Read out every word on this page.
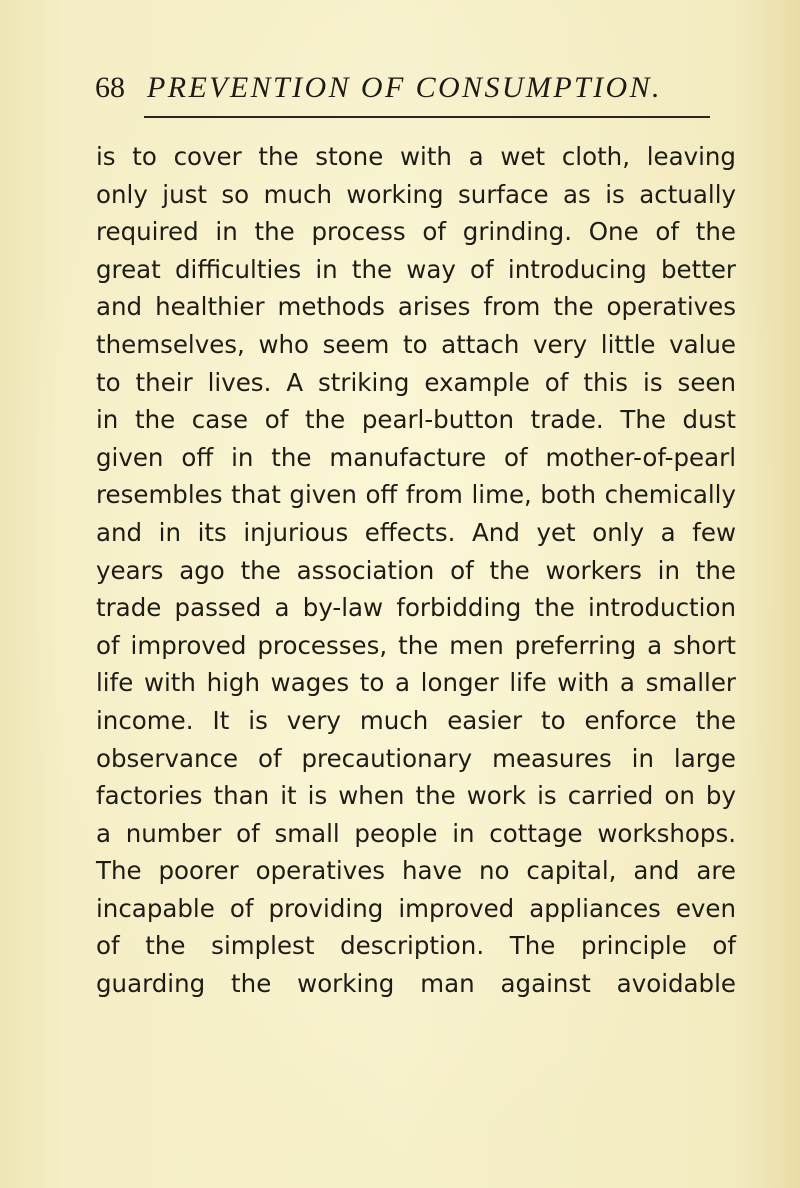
68 PREVENTION OF CONSUMPTION.
is to cover the stone with a wet cloth, leaving
only just so much working surface as is actually
required in the process of grinding. One of the
great difficulties in the way of introducing better
and healthier methods arises from the operatives
themselves, who seem to attach very little value
to their lives. A striking example of this is seen
in the case of the pearl-button trade. The dust
given off in the manufacture of mother-of-pearl
resembles that given off from lime, both chemically
and in its injurious effects. And yet only a few
years ago the association of the workers in the
trade passed a by-law forbidding the introduction
of improved processes, the men preferring a short
life with high wages to a longer life with a smaller
income. It is very much easier to enforce the
observance of precautionary measures in large
factories than it is when the work is carried on by
a number of small people in cottage workshops.
The poorer operatives have no capital, and are
incapable of providing improved appliances even
of the simplest description. The principle of
guarding the working man against avoidable
